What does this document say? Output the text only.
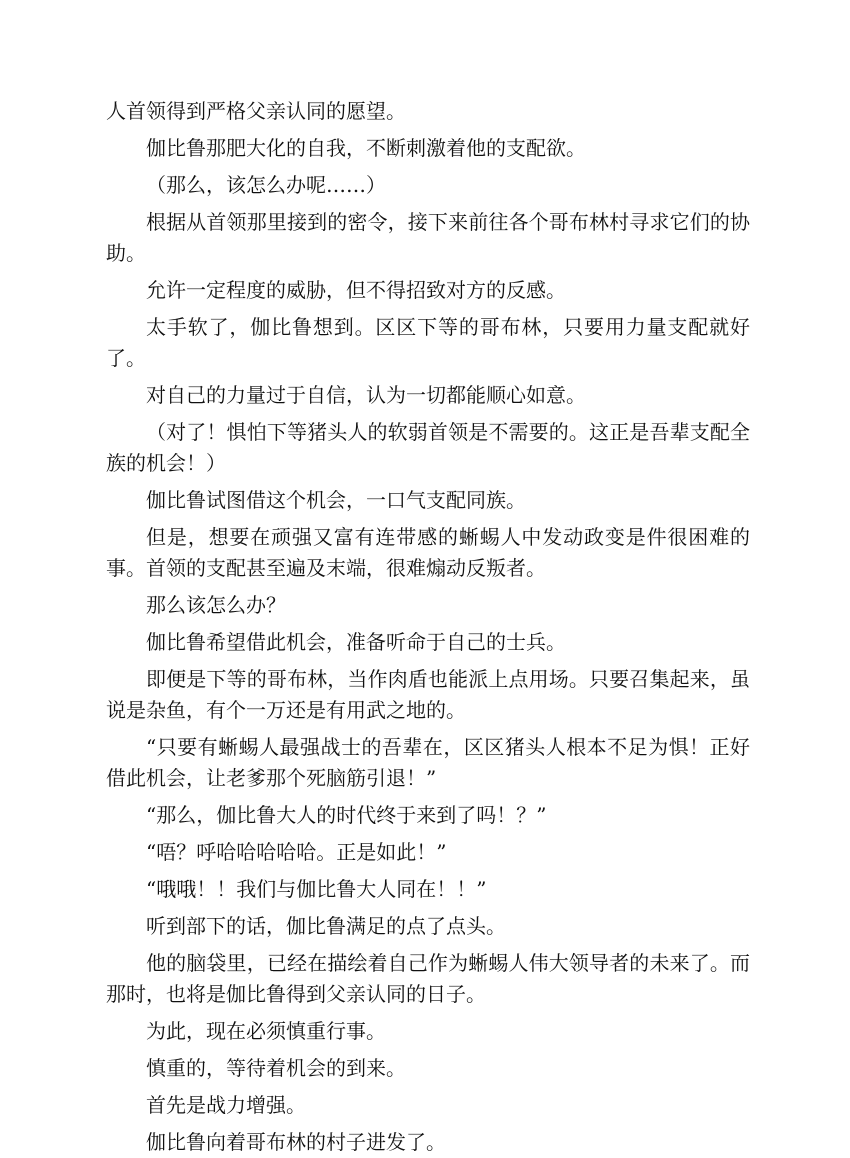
人首领得到严格父亲认同的愿望。

伽比鲁那肥大化的自我，不断刺激着他的支配欲。

（那么，该怎么办呢……）

根据从首领那里接到的密令，接下来前往各个哥布林村寻求它们的协助。

允许一定程度的威胁，但不得招致对方的反感。

太手软了，伽比鲁想到。区区下等的哥布林，只要用力量支配就好了。

对自己的力量过于自信，认为一切都能顺心如意。

（对了！惧怕下等猪头人的软弱首领是不需要的。这正是吾辈支配全族的机会！）

伽比鲁试图借这个机会，一口气支配同族。

但是，想要在顽强又富有连带感的蜥蜴人中发动政变是件很困难的事。首领的支配甚至遍及末端，很难煽动反叛者。

那么该怎么办？

伽比鲁希望借此机会，准备听命于自己的士兵。

即便是下等的哥布林，当作肉盾也能派上点用场。只要召集起来，虽说是杂鱼，有个一万还是有用武之地的。

“只要有蜥蜴人最强战士的吾辈在，区区猪头人根本不足为惧！正好借此机会，让老爹那个死脑筋引退！”

“那么，伽比鲁大人的时代终于来到了吗！？”

“唔？呼哈哈哈哈哈。正是如此！”

“哦哦！！我们与伽比鲁大人同在！！”

听到部下的话，伽比鲁满足的点了点头。

他的脑袋里，已经在描绘着自己作为蜥蜴人伟大领导者的未来了。而那时，也将是伽比鲁得到父亲认同的日子。

为此，现在必须慎重行事。

慎重的，等待着机会的到来。

首先是战力增强。

伽比鲁向着哥布林的村子进发了。
